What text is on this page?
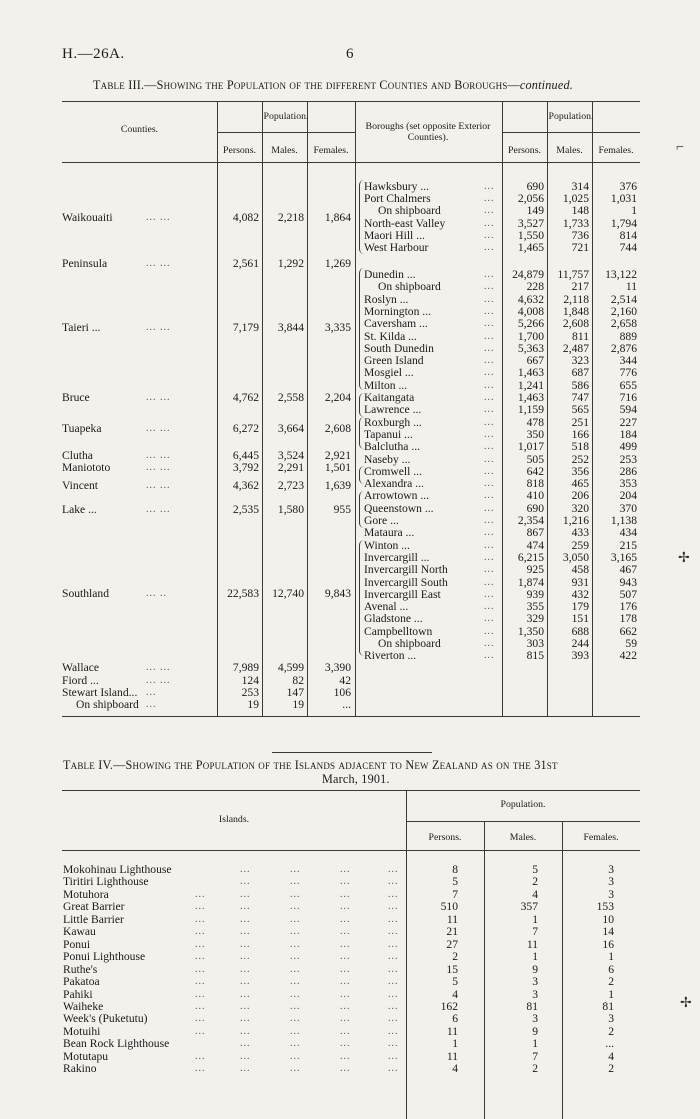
H.—26A.	6
Table III.—Showing the Population of the different Counties and Boroughs—continued.
Counties.
Population.
Persons.	Males.	Females.
Boroughs (set opposite Exterior Counties).
Population.
Persons.	Males.	Females.
Waikouaiti	... ...	4,082	2,218	1,864
Peninsula	... ...	2,561	1,292	1,269
Taieri ...	... ...	7,179	3,844	3,335
Bruce	... ...	4,762	2,558	2,204
Tuapeka	... ...	6,272	3,664	2,608
Clutha	... ...	6,445	3,524	2,921
Maniototo	... ...	3,792	2,291	1,501
Vincent	... ...	4,362	2,723	1,639
Lake ...	... ...	2,535	1,580	955
Southland	... ..	22,583	12,740	9,843
Wallace	... ...	7,989	4,599	3,390
Fiord ...	... ...	124	82	42
Stewart Island... ...	253	147	106
On shipboard ...	19	19	...
Hawksbury ...	...	690	314	376
Port Chalmers	...	2,056	1,025	1,031
On shipboard	...	149	148	1
North-east Valley	...	3,527	1,733	1,794
Maori Hill ...	...	1,550	736	814
West Harbour	...	1,465	721	744
Dunedin ...	...	24,879	11,757	13,122
On shipboard	...	228	217	11
Roslyn ...	...	4,632	2,118	2,514
Mornington ...	...	4,008	1,848	2,160
Caversham ...	...	5,266	2,608	2,658
St. Kilda ...	...	1,700	811	889
South Dunedin	...	5,363	2,487	2,876
Green Island	...	667	323	344
Mosgiel ...	...	1,463	687	776
Milton ...	...	1,241	586	655
Kaitangata	...	1,463	747	716
Lawrence ...	...	1,159	565	594
Roxburgh ...	...	478	251	227
Tapanui ...	...	350	166	184
Balclutha ...	...	1,017	518	499
Naseby ...	...	505	252	253
Cromwell ...	...	642	356	286
Alexandra ...	...	818	465	353
Arrowtown ...	...	410	206	204
Queenstown ...	...	690	320	370
Gore ...	...	2,354	1,216	1,138
Mataura ...	...	867	433	434
Winton ...	...	474	259	215
Invercargill ...	...	6,215	3,050	3,165
Invercargill North	...	925	458	467
Invercargill South	...	1,874	931	943
Invercargill East	...	939	432	507
Avenal ...	...	355	179	176
Gladstone ...	...	329	151	178
Campbelltown	...	1,350	688	662
On shipboard	...	303	244	59
Riverton ...	...	815	393	422
Table IV.—Showing the Population of the Islands adjacent to New Zealand as on the 31st
March, 1901.
Islands.
Population.
Persons.	Males.	Females.
Mokohinau Lighthouse	...	...	...	...	8	5	3
Tiritiri Lighthouse	...	...	...	...	5	2	3
Motuhora	...	...	...	...	...	7	4	3
Great Barrier	...	...	...	...	...	510	357	153
Little Barrier	...	...	...	...	...	11	1	10
Kawau	...	...	...	...	...	21	7	14
Ponui	...	...	...	...	...	27	11	16
Ponui Lighthouse	...	...	...	...	...	2	1	1
Ruthe's	...	...	...	...	...	15	9	6
Pakatoa	...	...	...	...	...	5	3	2
Pahiki	...	...	...	...	...	4	3	1
Waiheke	...	...	...	...	...	162	81	81
Week's (Puketutu)	...	...	...	...	...	6	3	3
Motuihi	...	...	...	...	...	11	9	2
Bean Rock Lighthouse	...	...	...	...	1	1	...
Motutapu	...	...	...	...	...	11	7	4
Rakino	...	...	...	...	...	4	2	2
⌐
✢
✢
